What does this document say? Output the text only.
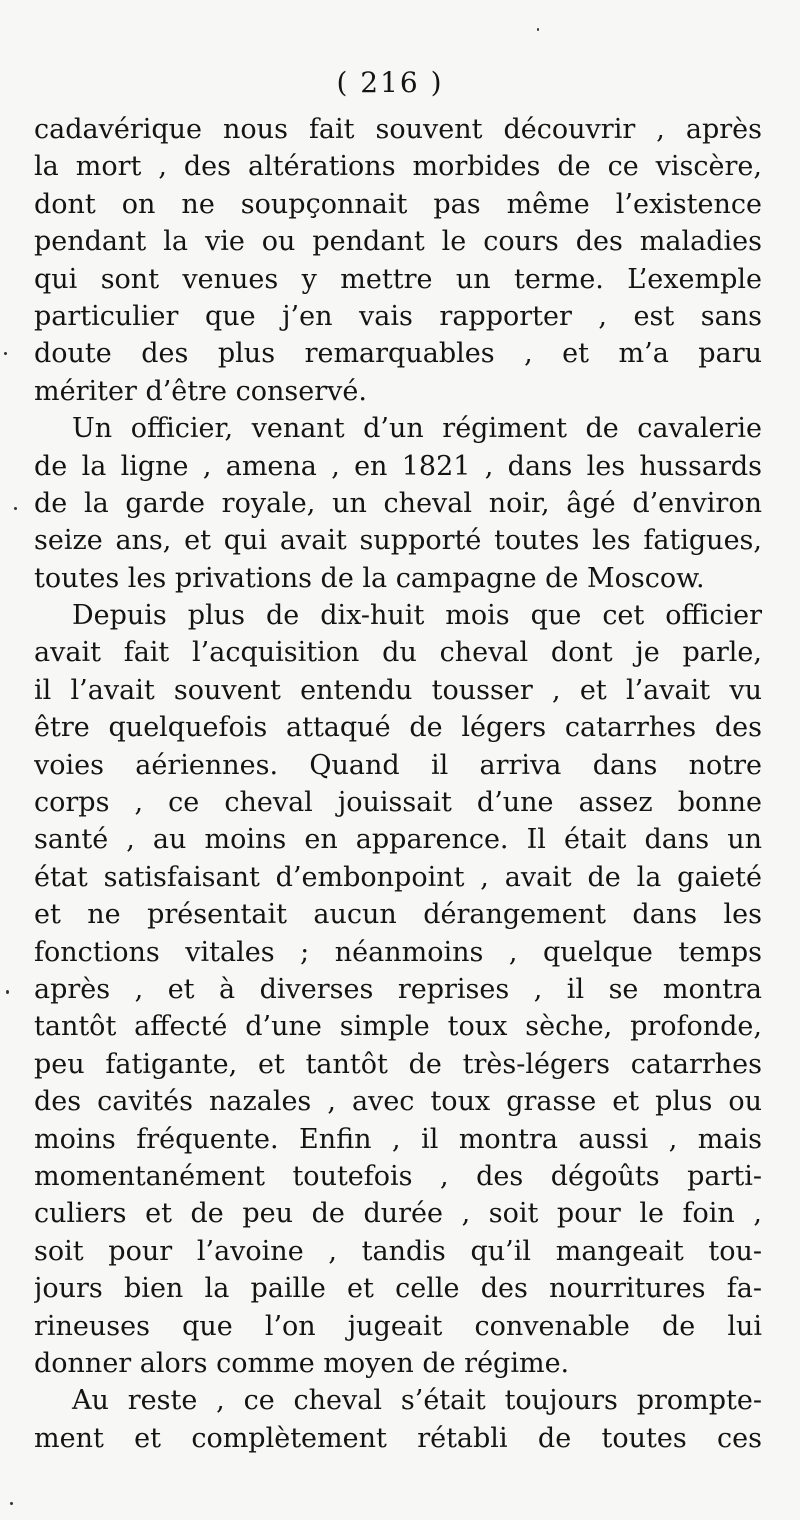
( 216 )
cadavérique nous fait souvent découvrir , après
la mort , des altérations morbides de ce viscère,
dont on ne soupçonnait pas même l’existence
pendant la vie ou pendant le cours des maladies
qui sont venues y mettre un terme. L’exemple
particulier que j’en vais rapporter , est sans
doute des plus remarquables , et m’a paru
mériter d’être conservé.
Un officier, venant d’un régiment de cavalerie
de la ligne , amena , en 1821 , dans les hussards
de la garde royale, un cheval noir, âgé d’environ
seize ans, et qui avait supporté toutes les fatigues,
toutes les privations de la campagne de Moscow.
Depuis plus de dix-huit mois que cet officier
avait fait l’acquisition du cheval dont je parle,
il l’avait souvent entendu tousser , et l’avait vu
être quelquefois attaqué de légers catarrhes des
voies aériennes. Quand il arriva dans notre
corps , ce cheval jouissait d’une assez bonne
santé , au moins en apparence. Il était dans un
état satisfaisant d’embonpoint , avait de la gaieté
et ne présentait aucun dérangement dans les
fonctions vitales ; néanmoins , quelque temps
après , et à diverses reprises , il se montra
tantôt affecté d’une simple toux sèche, profonde,
peu fatigante, et tantôt de très-légers catarrhes
des cavités nazales , avec toux grasse et plus ou
moins fréquente. Enfin , il montra aussi , mais
momentanément toutefois , des dégoûts parti-
culiers et de peu de durée , soit pour le foin ,
soit pour l’avoine , tandis qu’il mangeait tou-
jours bien la paille et celle des nourritures fa-
rineuses que l’on jugeait convenable de lui
donner alors comme moyen de régime.
Au reste , ce cheval s’était toujours prompte-
ment et complètement rétabli de toutes ces
